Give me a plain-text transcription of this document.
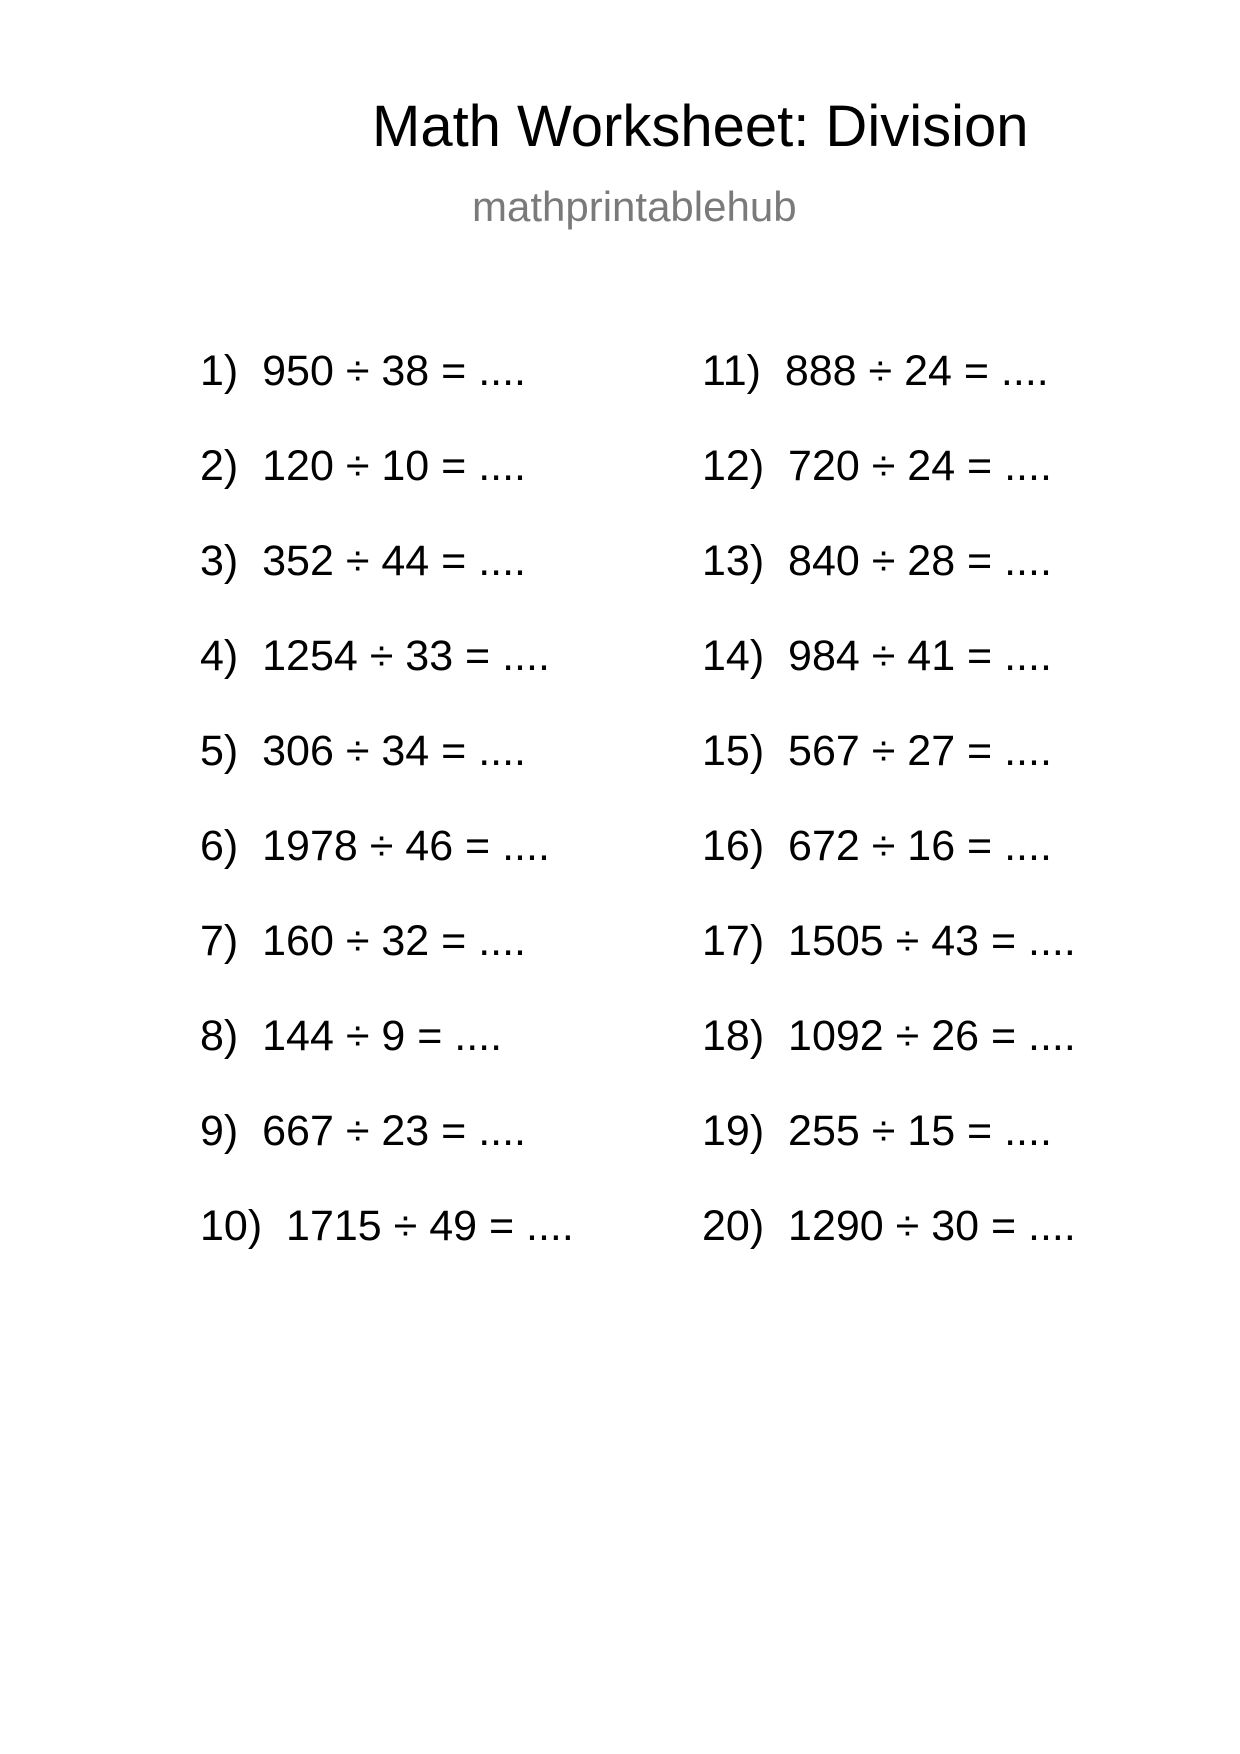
Math Worksheet: Division
mathprintablehub
1)  950 ÷ 38 = ....
2)  120 ÷ 10 = ....
3)  352 ÷ 44 = ....
4)  1254 ÷ 33 = ....
5)  306 ÷ 34 = ....
6)  1978 ÷ 46 = ....
7)  160 ÷ 32 = ....
8)  144 ÷ 9 = ....
9)  667 ÷ 23 = ....
10)  1715 ÷ 49 = ....
11)  888 ÷ 24 = ....
12)  720 ÷ 24 = ....
13)  840 ÷ 28 = ....
14)  984 ÷ 41 = ....
15)  567 ÷ 27 = ....
16)  672 ÷ 16 = ....
17)  1505 ÷ 43 = ....
18)  1092 ÷ 26 = ....
19)  255 ÷ 15 = ....
20)  1290 ÷ 30 = ....
